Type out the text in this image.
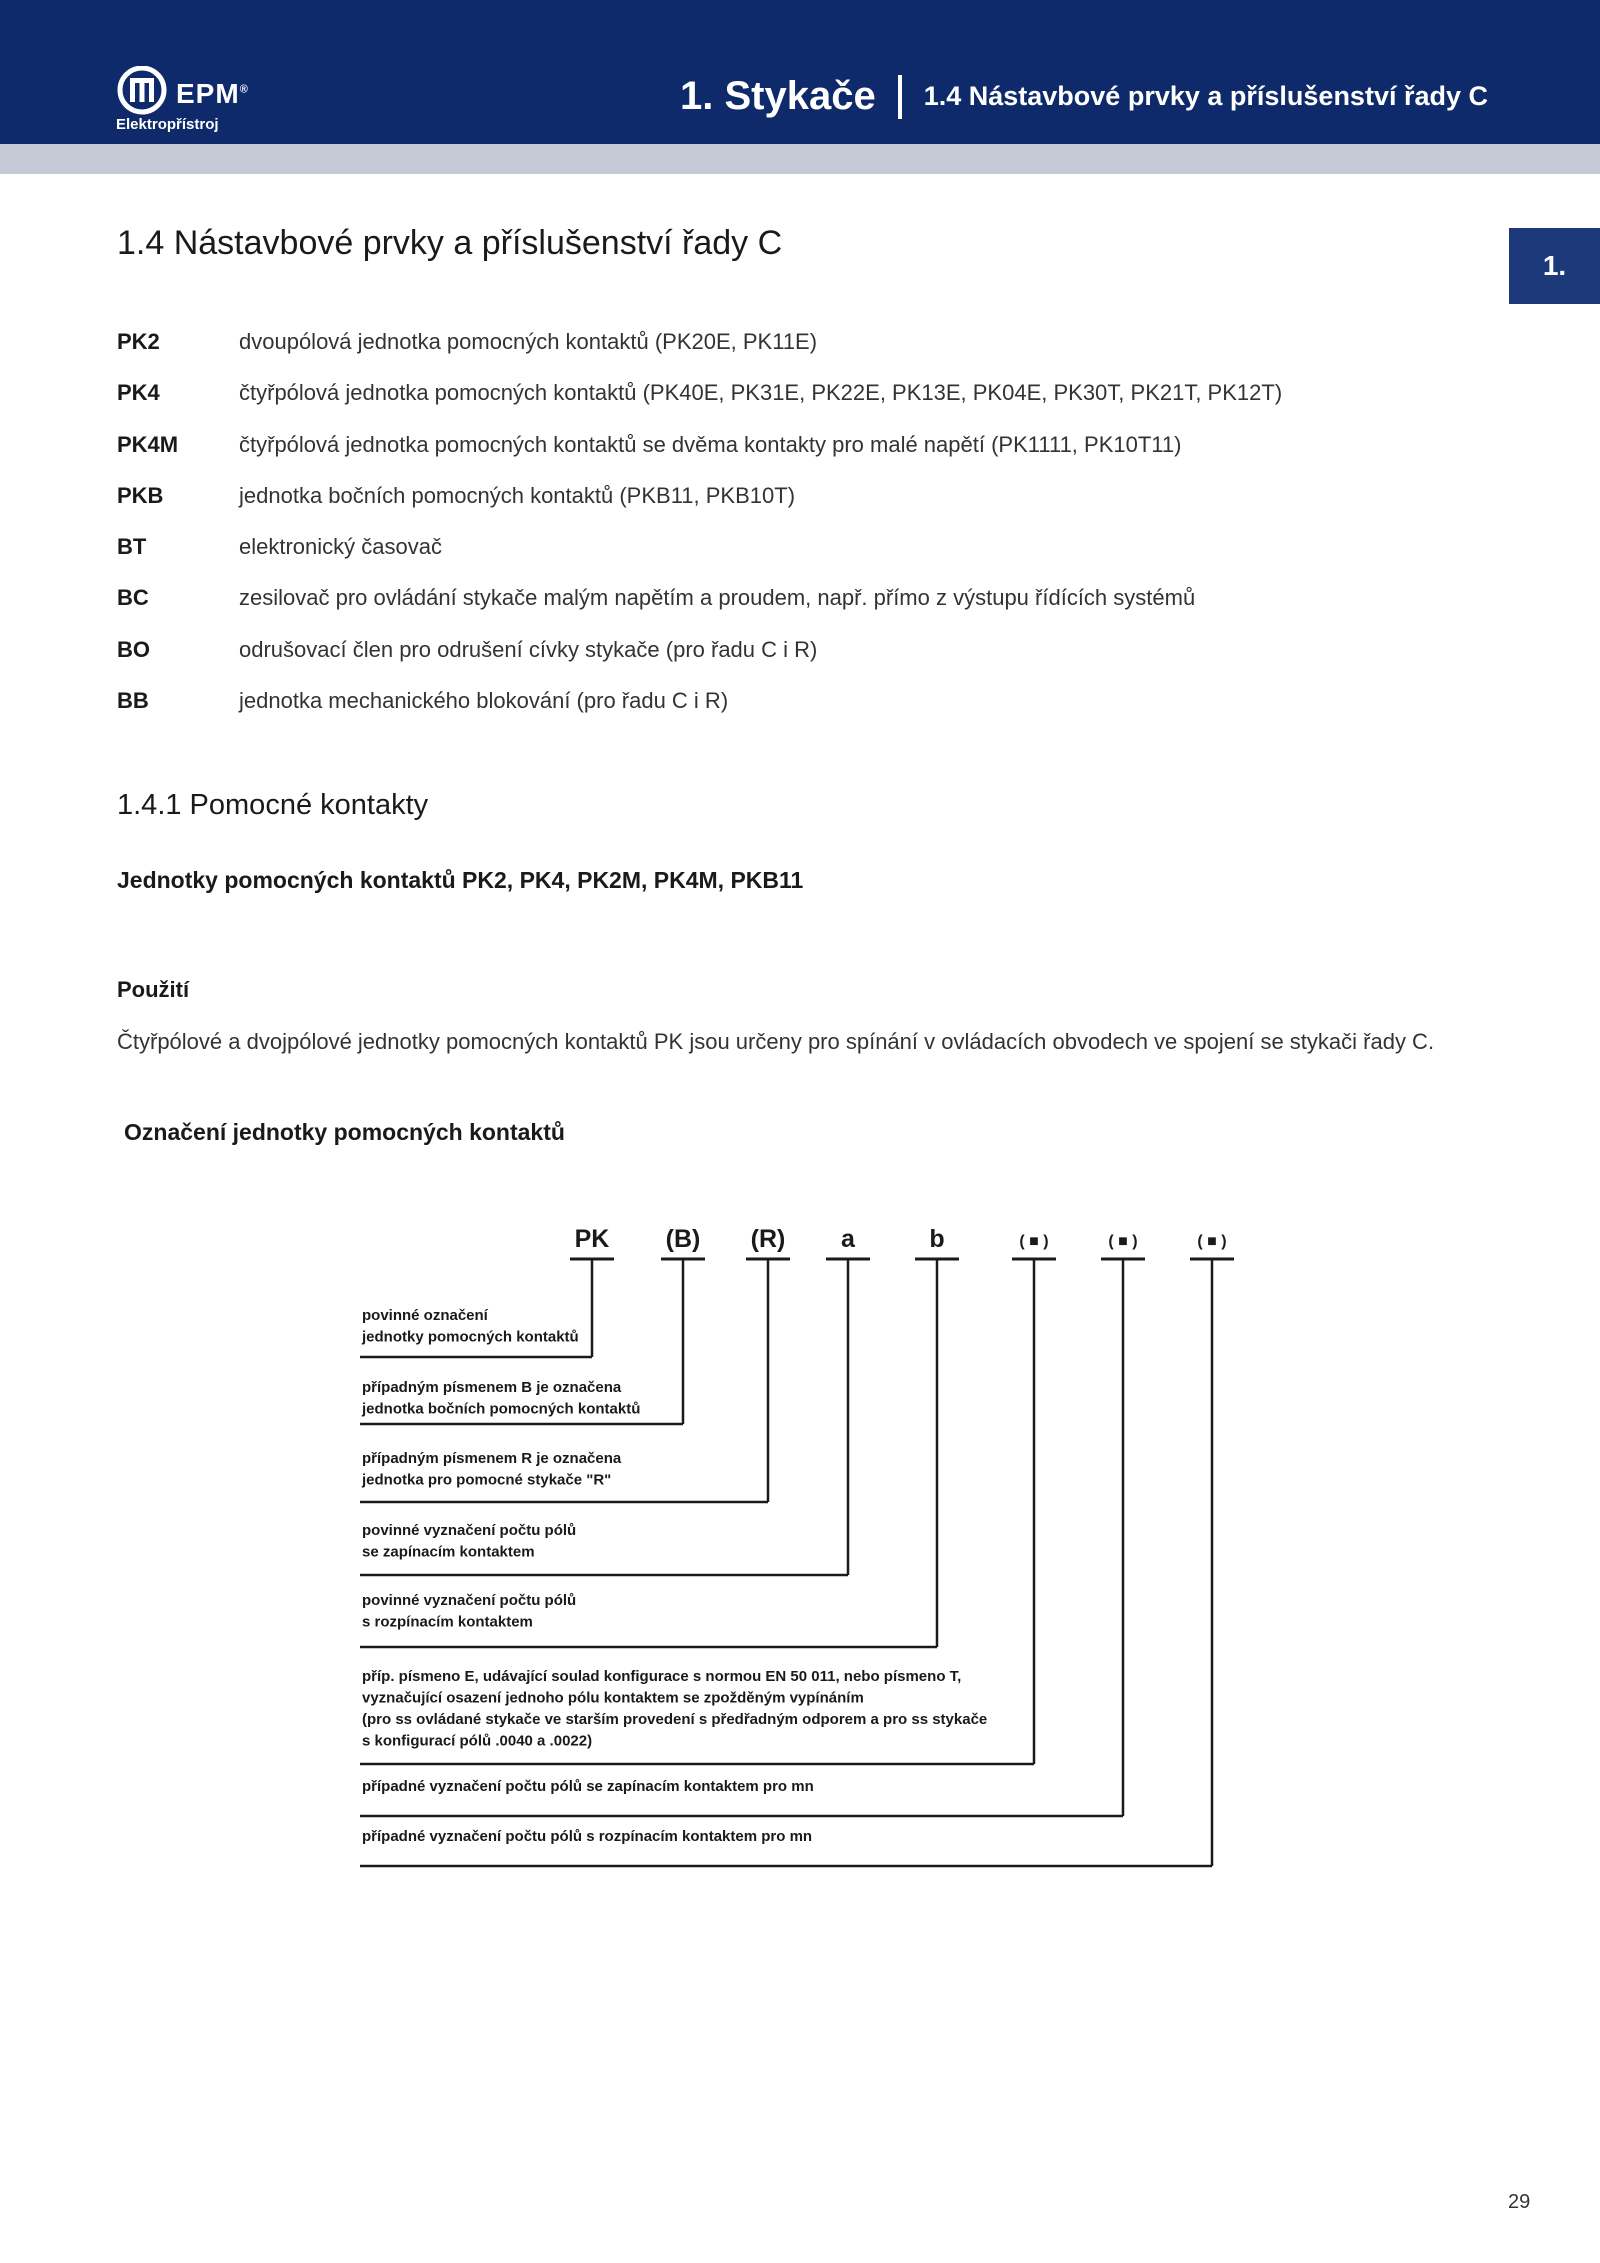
EPM®
Elektropřístroj
1. Stykače 1.4 Nástavbové prvky a příslušenství řady C
1.
1.4 Nástavbové prvky a příslušenství řady C
PK2	dvoupólová jednotka pomocných kontaktů (PK20E, PK11E)
PK4	čtyřpólová jednotka pomocných kontaktů (PK40E, PK31E, PK22E, PK13E, PK04E, PK30T, PK21T, PK12T)
PK4M	čtyřpólová jednotka pomocných kontaktů se dvěma kontakty pro malé napětí (PK1111, PK10T11)
PKB	jednotka bočních pomocných kontaktů (PKB11, PKB10T)
BT	elektronický časovač
BC	zesilovač pro ovládání stykače malým napětím a proudem, např. přímo z výstupu řídících systémů
BO	odrušovací člen pro odrušení cívky stykače (pro řadu C i R)
BB	jednotka mechanického blokování (pro řadu C i R)
1.4.1 Pomocné kontakty
Jednotky pomocných kontaktů PK2, PK4, PK2M, PK4M, PKB11
Použití
Čtyřpólové a dvojpólové jednotky pomocných kontaktů PK jsou určeny pro spínání v ovládacích obvodech ve spojení se stykači řady C.
Označení jednotky pomocných kontaktů
PK
povinné označení
jednotky pomocných kontaktů
(B)
případným písmenem B je označena
jednotka bočních pomocných kontaktů
(R)
případným písmenem R je označena
jednotka pro pomocné stykače "R"
a
povinné vyznačení počtu pólů
se zapínacím kontaktem
b
povinné vyznačení počtu pólů
s rozpínacím kontaktem
( ■ )
příp. písmeno E, udávající soulad konfigurace s normou EN 50 011, nebo písmeno T,
vyznačující osazení jednoho pólu kontaktem se zpožděným vypínáním
(pro ss ovládané stykače ve starším provedení s předřadným odporem a pro ss stykače
s konfigurací pólů .0040 a .0022)
( ■ )
případné vyznačení počtu pólů se zapínacím kontaktem pro mn
( ■ )
případné vyznačení počtu pólů s rozpínacím kontaktem pro mn
29
